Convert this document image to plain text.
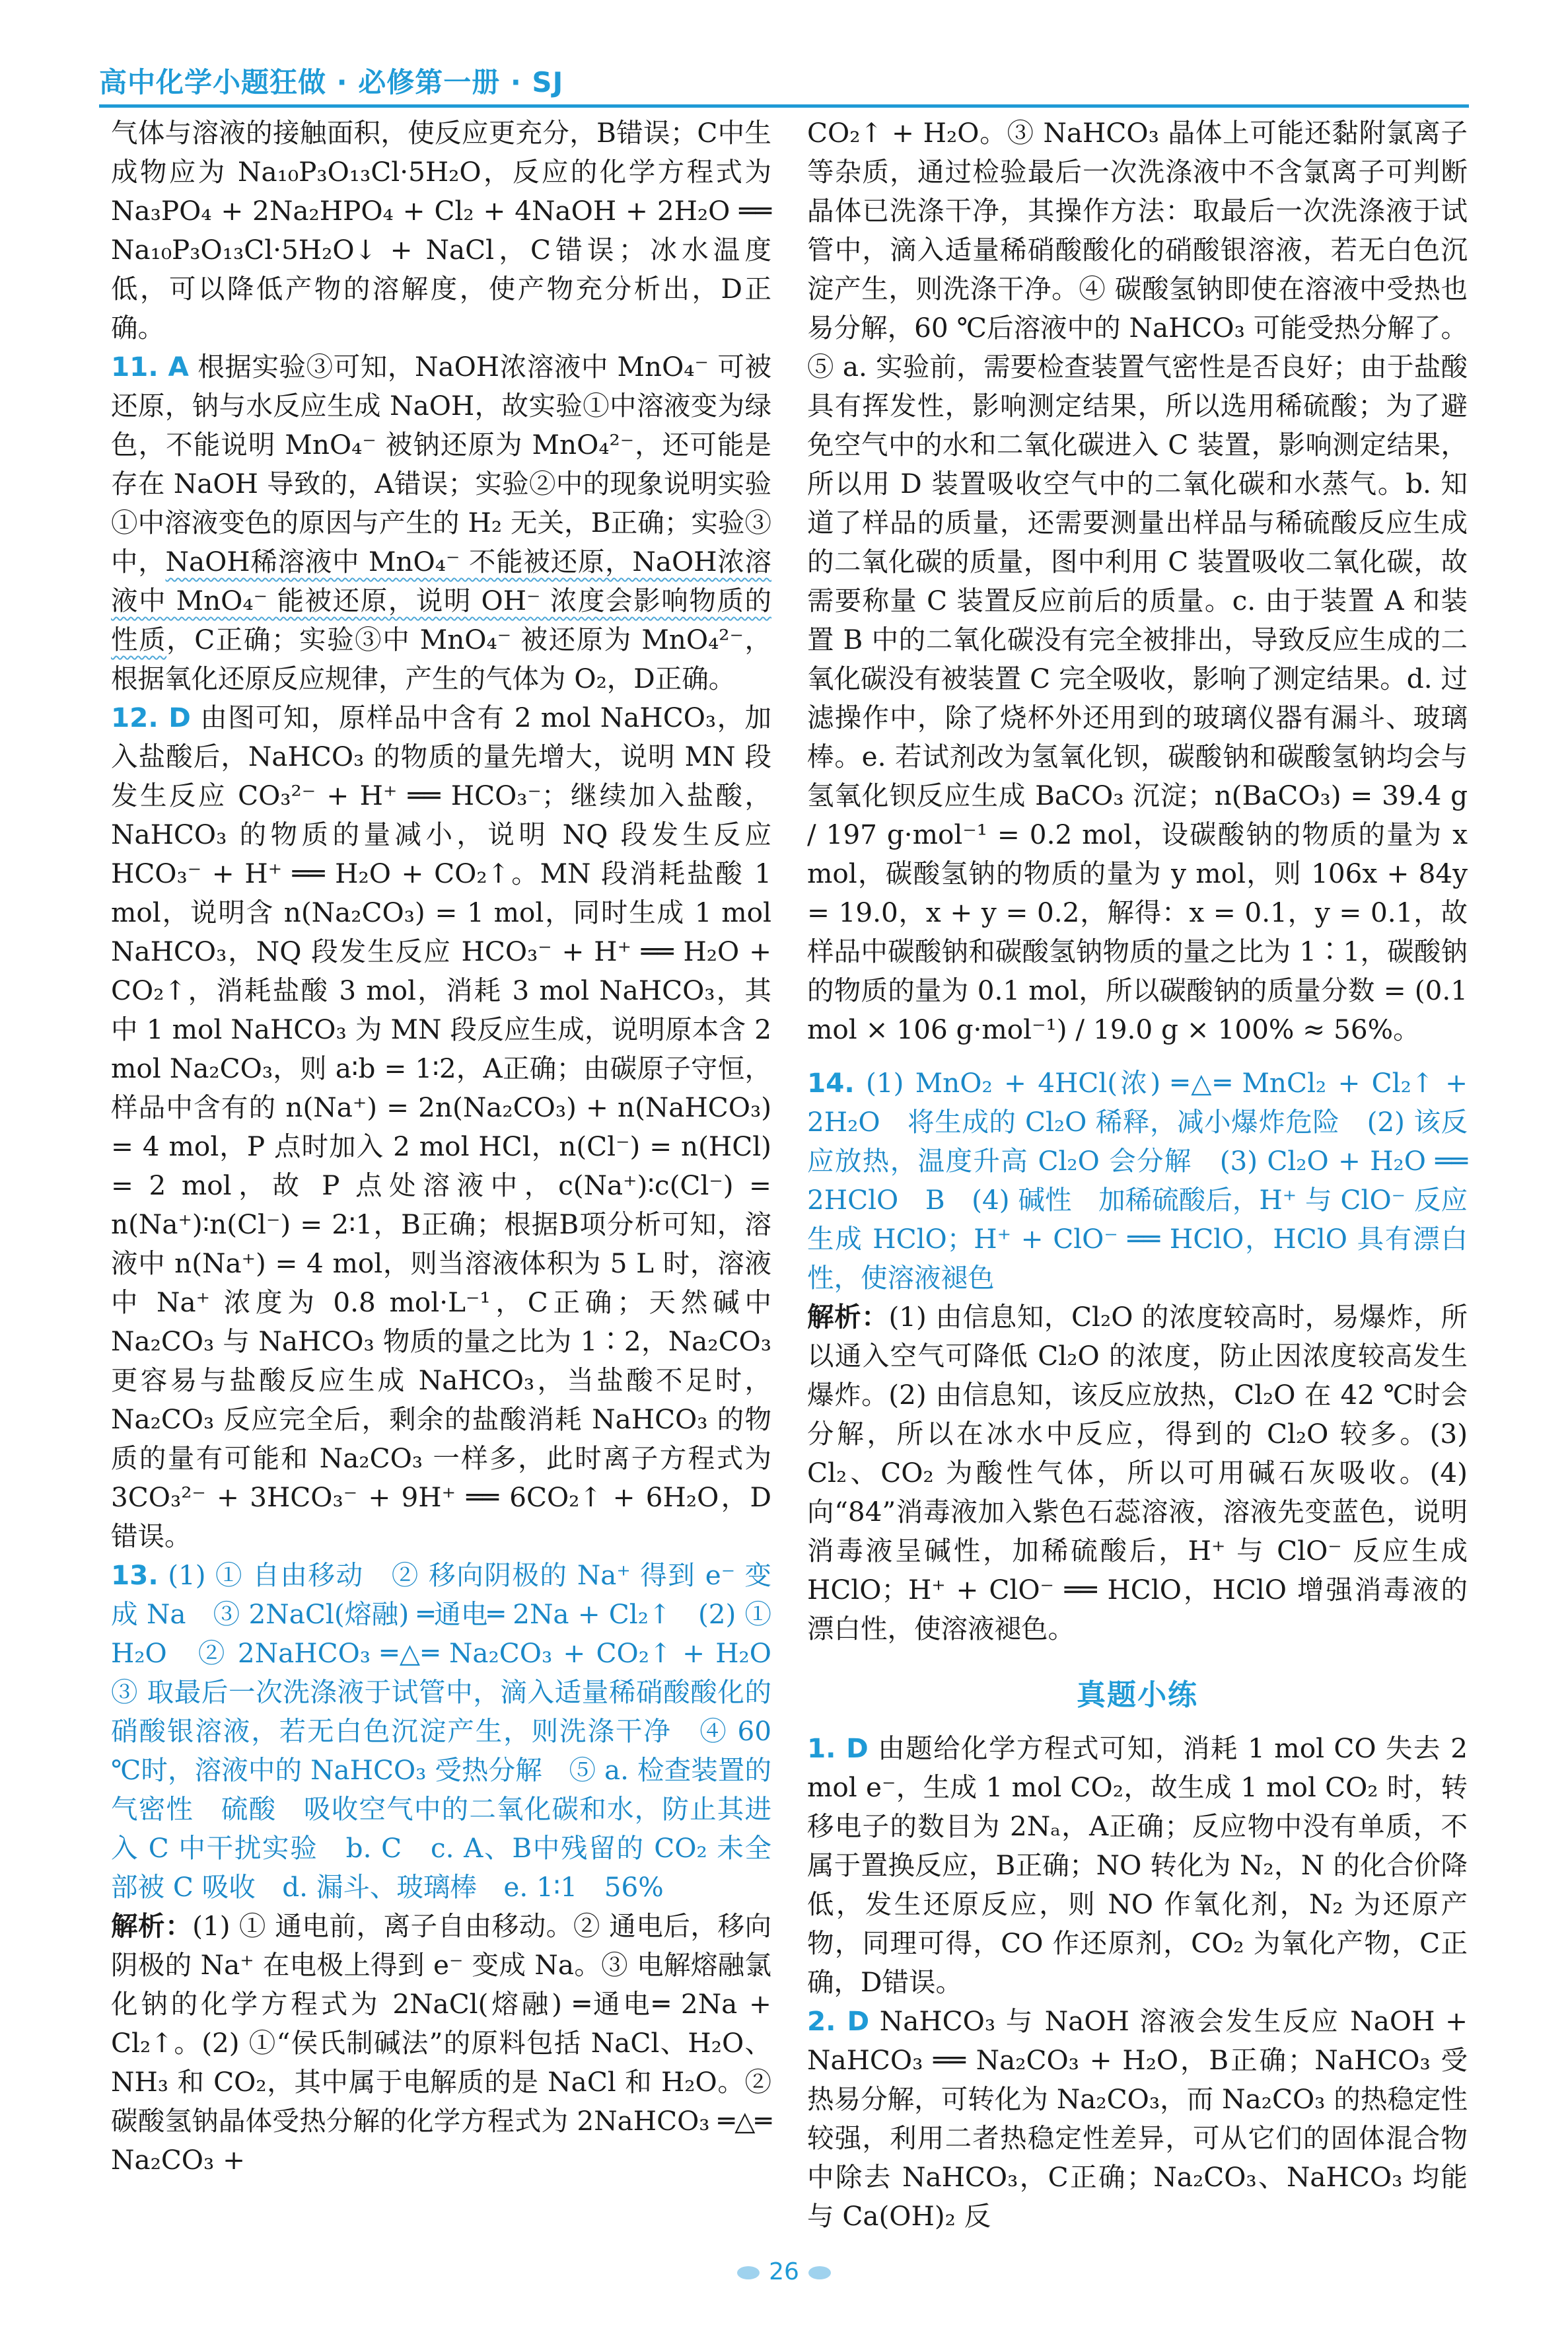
高中化学小题狂做 · 必修第一册 · SJ

气体与溶液的接触面积，使反应更充分，B错误；C中生成物应为 Na₁₀P₃O₁₃Cl·5H₂O，反应的化学方程式为 Na₃PO₄ + 2Na₂HPO₄ + Cl₂ + 4NaOH + 2H₂O ══ Na₁₀P₃O₁₃Cl·5H₂O↓ + NaCl，C错误；冰水温度低，可以降低产物的溶解度，使产物充分析出，D正确。

11. A 根据实验③可知，NaOH浓溶液中 MnO₄⁻ 可被还原，钠与水反应生成 NaOH，故实验①中溶液变为绿色，不能说明 MnO₄⁻ 被钠还原为 MnO₄²⁻，还可能是存在 NaOH 导致的，A错误；实验②中的现象说明实验①中溶液变色的原因与产生的 H₂ 无关，B正确；实验③中，NaOH稀溶液中 MnO₄⁻ 不能被还原，NaOH浓溶液中 MnO₄⁻ 能被还原，说明 OH⁻ 浓度会影响物质的性质，C正确；实验③中 MnO₄⁻ 被还原为 MnO₄²⁻，根据氧化还原反应规律，产生的气体为 O₂，D正确。

12. D 由图可知，原样品中含有 2 mol NaHCO₃，加入盐酸后，NaHCO₃ 的物质的量先增大，说明 MN 段发生反应 CO₃²⁻ + H⁺ ══ HCO₃⁻；继续加入盐酸，NaHCO₃ 的物质的量减小，说明 NQ 段发生反应 HCO₃⁻ + H⁺ ══ H₂O + CO₂↑。MN 段消耗盐酸 1 mol，说明含 n(Na₂CO₃) = 1 mol，同时生成 1 mol NaHCO₃，NQ 段发生反应 HCO₃⁻ + H⁺ ══ H₂O + CO₂↑，消耗盐酸 3 mol，消耗 3 mol NaHCO₃，其中 1 mol NaHCO₃ 为 MN 段反应生成，说明原本含 2 mol Na₂CO₃，则 a∶b = 1∶2，A正确；由碳原子守恒，样品中含有的 n(Na⁺) = 2n(Na₂CO₃) + n(NaHCO₃) = 4 mol，P 点时加入 2 mol HCl，n(Cl⁻) = n(HCl) = 2 mol，故 P 点处溶液中，c(Na⁺)∶c(Cl⁻) = n(Na⁺)∶n(Cl⁻) = 2∶1，B正确；根据B项分析可知，溶液中 n(Na⁺) = 4 mol，则当溶液体积为 5 L 时，溶液中 Na⁺ 浓度为 0.8 mol·L⁻¹，C正确；天然碱中 Na₂CO₃ 与 NaHCO₃ 物质的量之比为 1∶2，Na₂CO₃ 更容易与盐酸反应生成 NaHCO₃，当盐酸不足时，Na₂CO₃ 反应完全后，剩余的盐酸消耗 NaHCO₃ 的物质的量有可能和 Na₂CO₃ 一样多，此时离子方程式为 3CO₃²⁻ + 3HCO₃⁻ + 9H⁺ ══ 6CO₂↑ + 6H₂O，D错误。

13. (1) ① 自由移动　② 移向阴极的 Na⁺ 得到 e⁻ 变成 Na　③ 2NaCl(熔融) ═通电═ 2Na + Cl₂↑　(2) ① H₂O　② 2NaHCO₃ ═△═ Na₂CO₃ + CO₂↑ + H₂O　③ 取最后一次洗涤液于试管中，滴入适量稀硝酸酸化的硝酸银溶液，若无白色沉淀产生，则洗涤干净　④ 60 ℃时，溶液中的 NaHCO₃ 受热分解　⑤ a. 检查装置的气密性　硫酸　吸收空气中的二氧化碳和水，防止其进入 C 中干扰实验　b. C　c. A、B中残留的 CO₂ 未全部被 C 吸收　d. 漏斗、玻璃棒　e. 1∶1　56%

解析：(1) ① 通电前，离子自由移动。② 通电后，移向阴极的 Na⁺ 在电极上得到 e⁻ 变成 Na。③ 电解熔融氯化钠的化学方程式为 2NaCl(熔融) ═通电═ 2Na + Cl₂↑。(2) ①“侯氏制碱法”的原料包括 NaCl、H₂O、NH₃ 和 CO₂，其中属于电解质的是 NaCl 和 H₂O。② 碳酸氢钠晶体受热分解的化学方程式为 2NaHCO₃ ═△═ Na₂CO₃ +

CO₂↑ + H₂O。③ NaHCO₃ 晶体上可能还黏附氯离子等杂质，通过检验最后一次洗涤液中不含氯离子可判断晶体已洗涤干净，其操作方法：取最后一次洗涤液于试管中，滴入适量稀硝酸酸化的硝酸银溶液，若无白色沉淀产生，则洗涤干净。④ 碳酸氢钠即使在溶液中受热也易分解，60 ℃后溶液中的 NaHCO₃ 可能受热分解了。⑤ a. 实验前，需要检查装置气密性是否良好；由于盐酸具有挥发性，影响测定结果，所以选用稀硫酸；为了避免空气中的水和二氧化碳进入 C 装置，影响测定结果，所以用 D 装置吸收空气中的二氧化碳和水蒸气。b. 知道了样品的质量，还需要测量出样品与稀硫酸反应生成的二氧化碳的质量，图中利用 C 装置吸收二氧化碳，故需要称量 C 装置反应前后的质量。c. 由于装置 A 和装置 B 中的二氧化碳没有完全被排出，导致反应生成的二氧化碳没有被装置 C 完全吸收，影响了测定结果。d. 过滤操作中，除了烧杯外还用到的玻璃仪器有漏斗、玻璃棒。e. 若试剂改为氢氧化钡，碳酸钠和碳酸氢钠均会与氢氧化钡反应生成 BaCO₃ 沉淀；n(BaCO₃) = 39.4 g / 197 g·mol⁻¹ = 0.2 mol，设碳酸钠的物质的量为 x mol，碳酸氢钠的物质的量为 y mol，则 106x + 84y = 19.0，x + y = 0.2，解得：x = 0.1，y = 0.1，故样品中碳酸钠和碳酸氢钠物质的量之比为 1∶1，碳酸钠的物质的量为 0.1 mol，所以碳酸钠的质量分数 = (0.1 mol × 106 g·mol⁻¹) / 19.0 g × 100% ≈ 56%。

14. (1) MnO₂ + 4HCl(浓) ═△═ MnCl₂ + Cl₂↑ + 2H₂O　将生成的 Cl₂O 稀释，减小爆炸危险　(2) 该反应放热，温度升高 Cl₂O 会分解　(3) Cl₂O + H₂O ══ 2HClO　B　(4) 碱性　加稀硫酸后，H⁺ 与 ClO⁻ 反应生成 HClO；H⁺ + ClO⁻ ══ HClO，HClO 具有漂白性，使溶液褪色

解析：(1) 由信息知，Cl₂O 的浓度较高时，易爆炸，所以通入空气可降低 Cl₂O 的浓度，防止因浓度较高发生爆炸。(2) 由信息知，该反应放热，Cl₂O 在 42 ℃时会分解，所以在冰水中反应，得到的 Cl₂O 较多。(3) Cl₂、CO₂ 为酸性气体，所以可用碱石灰吸收。(4) 向“84”消毒液加入紫色石蕊溶液，溶液先变蓝色，说明消毒液呈碱性，加稀硫酸后，H⁺ 与 ClO⁻ 反应生成 HClO；H⁺ + ClO⁻ ══ HClO，HClO 增强消毒液的漂白性，使溶液褪色。

真题小练

1. D 由题给化学方程式可知，消耗 1 mol CO 失去 2 mol e⁻，生成 1 mol CO₂，故生成 1 mol CO₂ 时，转移电子的数目为 2Nₐ，A正确；反应物中没有单质，不属于置换反应，B正确；NO 转化为 N₂，N 的化合价降低，发生还原反应，则 NO 作氧化剂，N₂ 为还原产物，同理可得，CO 作还原剂，CO₂ 为氧化产物，C正确，D错误。

2. D NaHCO₃ 与 NaOH 溶液会发生反应 NaOH + NaHCO₃ ══ Na₂CO₃ + H₂O，B正确；NaHCO₃ 受热易分解，可转化为 Na₂CO₃，而 Na₂CO₃ 的热稳定性较强，利用二者热稳定性差异，可从它们的固体混合物中除去 NaHCO₃，C正确；Na₂CO₃、NaHCO₃ 均能与 Ca(OH)₂ 反

26
